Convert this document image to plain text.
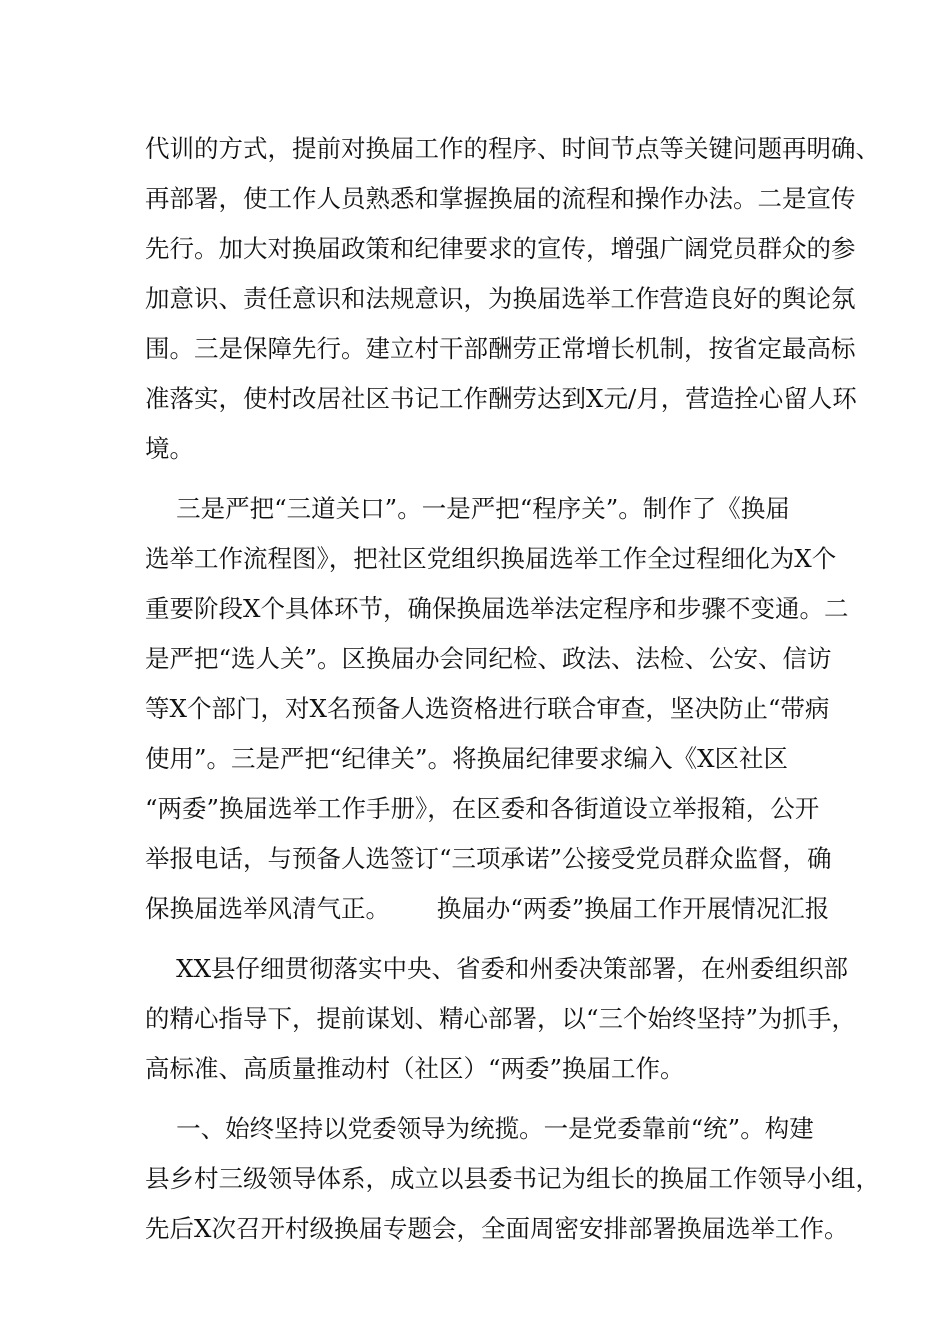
代训的方式，提前对换届工作的程序、时间节点等关键问题再明确、
再部署，使工作人员熟悉和掌握换届的流程和操作办法。二是宣传
先行。加大对换届政策和纪律要求的宣传，增强广阔党员群众的参
加意识、责任意识和法规意识，为换届选举工作营造良好的舆论氛
围。三是保障先行。建立村干部酬劳正常增长机制，按省定最高标
准落实，使村改居社区书记工作酬劳达到X元/月，营造拴心留人环
境。
三是严把“三道关口”。一是严把“程序关”。制作了《换届
选举工作流程图》，把社区党组织换届选举工作全过程细化为X个
重要阶段X个具体环节，确保换届选举法定程序和步骤不变通。二
是严把“选人关”。区换届办会同纪检、政法、法检、公安、信访
等X个部门，对X名预备人选资格进行联合审查，坚决防止“带病
使用”。三是严把“纪律关”。将换届纪律要求编入《X区社区
“两委”换届选举工作手册》，在区委和各街道设立举报箱，公开
举报电话，与预备人选签订“三项承诺”公接受党员群众监督，确
保换届选举风清气正。      换届办“两委”换届工作开展情况汇报
XX县仔细贯彻落实中央、省委和州委决策部署，在州委组织部
的精心指导下，提前谋划、精心部署，以“三个始终坚持”为抓手，
高标准、高质量推动村（社区）“两委”换届工作。
一、始终坚持以党委领导为统揽。一是党委靠前“统”。构建
县乡村三级领导体系，成立以县委书记为组长的换届工作领导小组，
先后X次召开村级换届专题会，全面周密安排部署换届选举工作。
